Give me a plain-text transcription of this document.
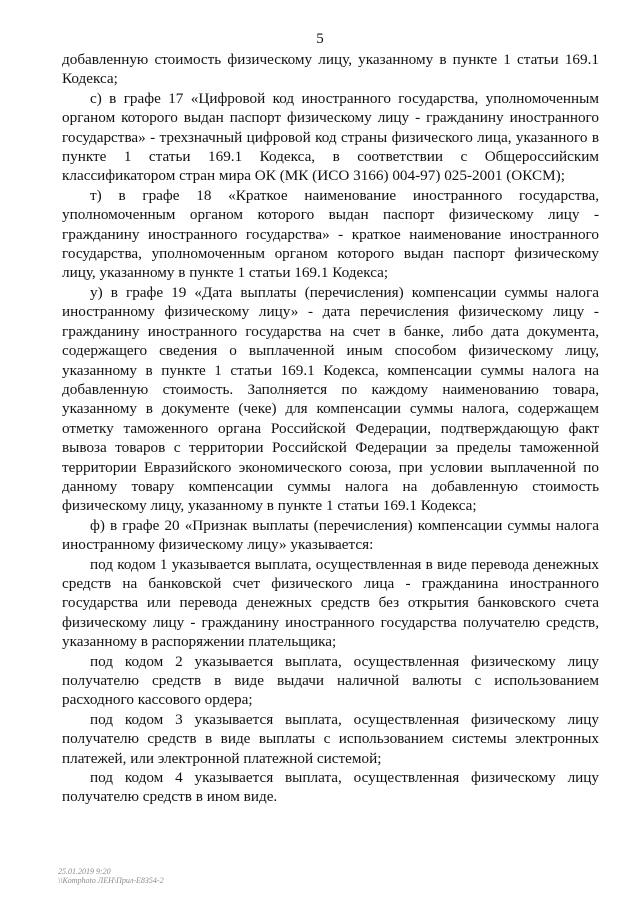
5

добавленную стоимость физическому лицу, указанному в пункте 1 статьи 169.1 Кодекса;

с) в графе 17 «Цифровой код иностранного государства, уполномоченным органом которого выдан паспорт физическому лицу - гражданину иностранного государства» - трехзначный цифровой код страны физического лица, указанного в пункте 1 статьи 169.1 Кодекса, в соответствии с Общероссийским классификатором стран мира ОК (МК (ИСО 3166) 004-97) 025-2001 (ОКСМ);

т) в графе 18 «Краткое наименование иностранного государства, уполномоченным органом которого выдан паспорт физическому лицу - гражданину иностранного государства» - краткое наименование иностранного государства, уполномоченным органом которого выдан паспорт физическому лицу, указанному в пункте 1 статьи 169.1 Кодекса;

у) в графе 19 «Дата выплаты (перечисления) компенсации суммы налога иностранному физическому лицу» - дата перечисления физическому лицу - гражданину иностранного государства на счет в банке, либо дата документа, содержащего сведения о выплаченной иным способом физическому лицу, указанному в пункте 1 статьи 169.1 Кодекса, компенсации суммы налога на добавленную стоимость. Заполняется по каждому наименованию товара, указанному в документе (чеке) для компенсации суммы налога, содержащем отметку таможенного органа Российской Федерации, подтверждающую факт вывоза товаров с территории Российской Федерации за пределы таможенной территории Евразийского экономического союза, при условии выплаченной по данному товару компенсации суммы налога на добавленную стоимость физическому лицу, указанному в пункте 1 статьи 169.1 Кодекса;

ф) в графе 20 «Признак выплаты (перечисления) компенсации суммы налога иностранному физическому лицу» указывается:

под кодом 1 указывается выплата, осуществленная в виде перевода денежных средств на банковской счет физического лица - гражданина иностранного государства или перевода денежных средств без открытия банковского счета физическому лицу - гражданину иностранного государства получателю средств, указанному в распоряжении плательщика;

под кодом 2 указывается выплата, осуществленная физическому лицу получателю средств в виде выдачи наличной валюты с использованием расходного кассового ордера;

под кодом 3 указывается выплата, осуществленная физическому лицу получателю средств в виде выплаты с использованием системы электронных платежей, или электронной платежной системой;

под кодом 4 указывается выплата, осуществленная физическому лицу получателю средств в ином виде.

25.01.2019 9:20
\\Komphoto ЛЕН\Прил-E8354-2
